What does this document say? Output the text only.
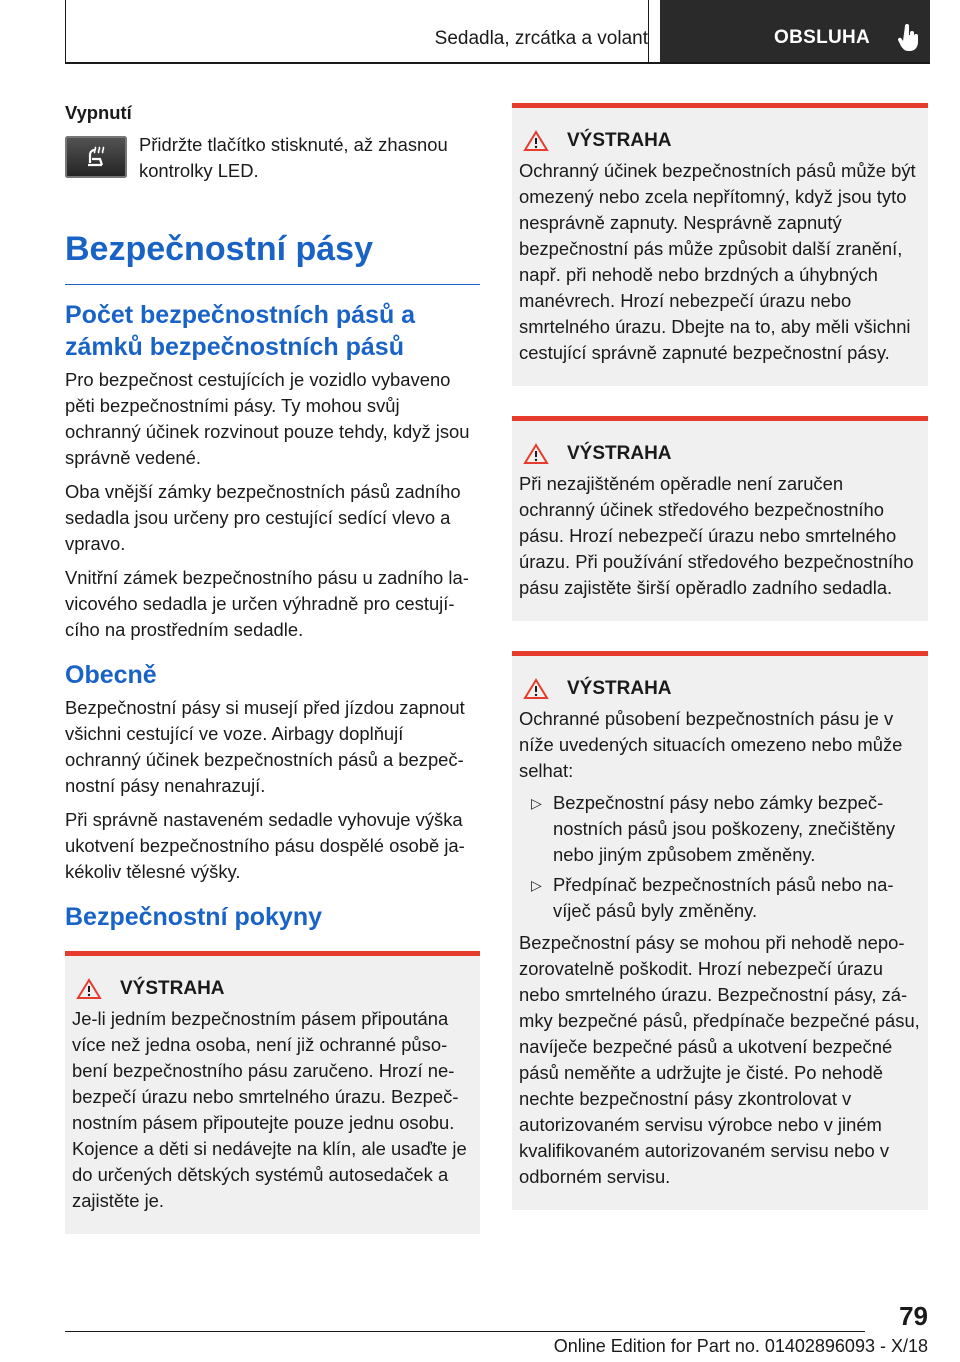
Sedadla, zrcátka a volant	OBSLUHA
Vypnutí
Přidržte tlačítko stisknuté, až zhasnou kontrolky LED.
Bezpečnostní pásy
Počet bezpečnostních pásů a zámků bezpečnostních pásů
Pro bezpečnost cestujících je vozidlo vybaveno pěti bezpečnostními pásy. Ty mohou svůj ochranný účinek rozvinout pouze tehdy, když jsou správně vedené.
Oba vnější zámky bezpečnostních pásů zadního sedadla jsou určeny pro cestující sedící vlevo a vpravo.
Vnitřní zámek bezpečnostního pásu u zadního lavicového sedadla je určen výhradně pro cestujícího na prostředním sedadle.
Obecně
Bezpečnostní pásy si musejí před jízdou zapnout všichni cestující ve voze. Airbagy doplňují ochranný účinek bezpečnostních pásů a bezpečnostní pásy nenahrazují.
Při správně nastaveném sedadle vyhovuje výška ukotvení bezpečnostního pásu dospělé osobě jakékoliv tělesné výšky.
Bezpečnostní pokyny
VÝSTRAHA
Je-li jedním bezpečnostním pásem připoutána více než jedna osoba, není již ochranné působení bezpečnostního pásu zaručeno. Hrozí nebezpečí úrazu nebo smrtelného úrazu. Bezpečnostním pásem připoutejte pouze jednu osobu. Kojence a děti si nedávejte na klín, ale usaďte je do určených dětských systémů autosedaček a zajistěte je.
VÝSTRAHA
Ochranný účinek bezpečnostních pásů může být omezený nebo zcela nepřítomný, když jsou tyto nesprávně zapnuty. Nesprávně zapnutý bezpečnostní pás může způsobit další zranění, např. při nehodě nebo brzdných a úhybných manévrech. Hrozí nebezpečí úrazu nebo smrtelného úrazu. Dbejte na to, aby měli všichni cestující správně zapnuté bezpečnostní pásy.
VÝSTRAHA
Při nezajištěném opěradle není zaručen ochranný účinek středového bezpečnostního pásu. Hrozí nebezpečí úrazu nebo smrtelného úrazu. Při používání středového bezpečnostního pásu zajistěte širší opěradlo zadního sedadla.
VÝSTRAHA
Ochranné působení bezpečnostních pásu je v níže uvedených situacích omezeno nebo může selhat:
▷ Bezpečnostní pásy nebo zámky bezpečnostních pásů jsou poškozeny, znečištěny nebo jiným způsobem změněny.
▷ Předpínač bezpečnostních pásů nebo navíječ pásů byly změněny.
Bezpečnostní pásy se mohou při nehodě nepozorovatelně poškodit. Hrozí nebezpečí úrazu nebo smrtelného úrazu. Bezpečnostní pásy, zámky bezpečné pásů, předpínače bezpečné pásu, navíječe bezpečné pásů a ukotvení bezpečné pásů neměňte a udržujte je čisté. Po nehodě nechte bezpečnostní pásy zkontrolovat v autorizovaném servisu výrobce nebo v jiném kvalifikovaném autorizovaném servisu nebo v odborném servisu.
79
Online Edition for Part no. 01402896093 - X/18
